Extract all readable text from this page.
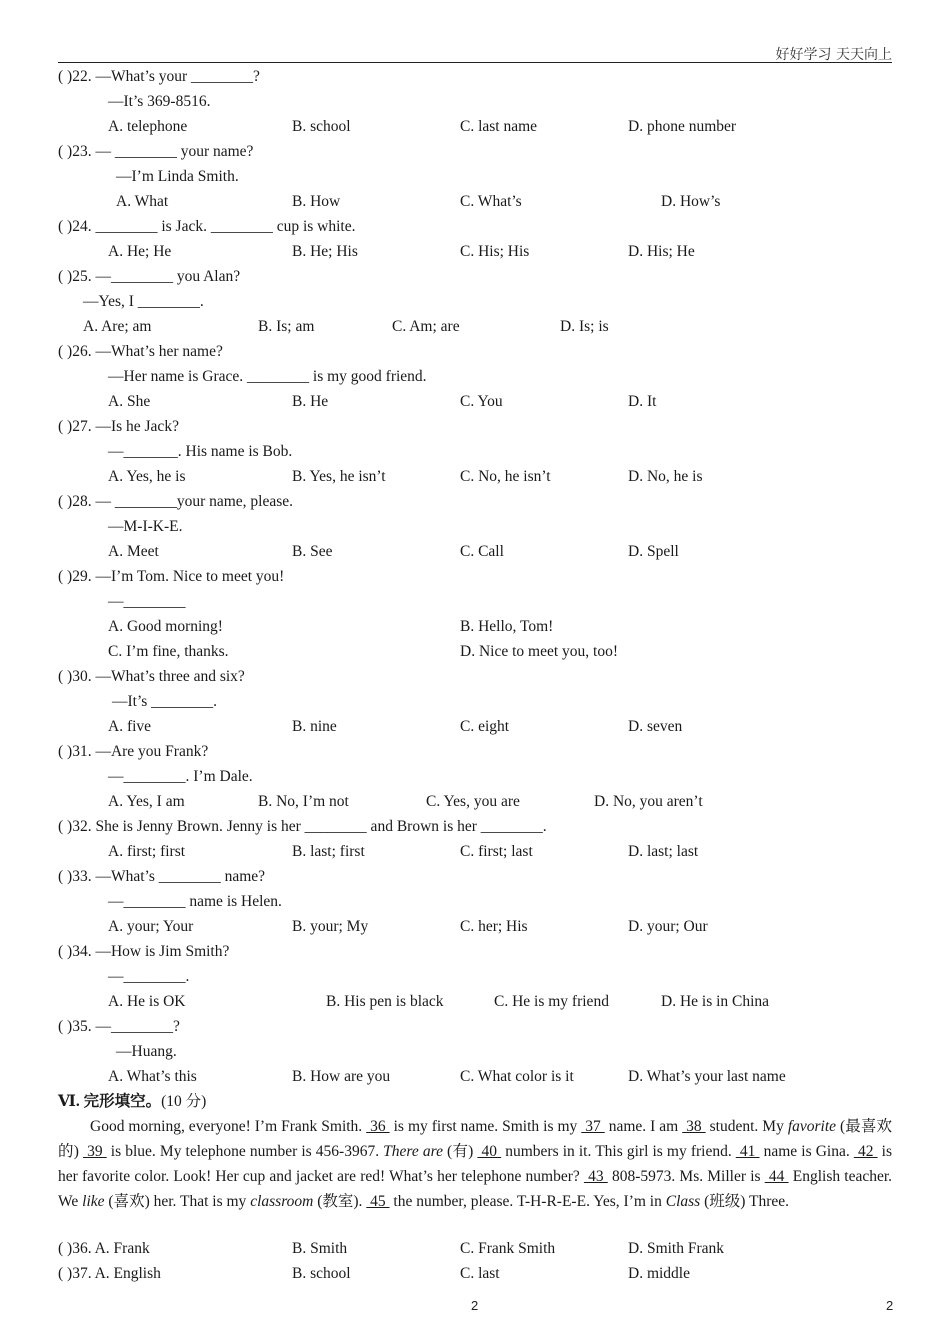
好好学习 天天向上
( )22. —What’s your ________?
—It’s 369-8516.
A. telephone	B. school	C. last name	D. phone number
( )23. — ________ your name?
—I’m Linda Smith.
A. What	B. How	C. What’s	D. How’s
( )24. ________ is Jack. ________ cup is white.
A. He; He	B. He; His	C. His; His	D. His; He
( )25. —________ you Alan?
—Yes, I ________.
A. Are; am	B. Is; am	C. Am; are	D. Is; is
( )26. —What’s her name?
—Her name is Grace. ________ is my good friend.
A. She	B. He	C. You	D. It
( )27. —Is he Jack?
—_______. His name is Bob.
A. Yes, he is	B. Yes, he isn’t	C. No, he isn’t	D. No, he is
( )28. — ________your name, please.
—M-I-K-E.
A. Meet	B. See	C. Call	D. Spell
( )29. —I’m Tom. Nice to meet you!
—________
A. Good morning!	B. Hello, Tom!
C. I’m fine, thanks.	D. Nice to meet you, too!
( )30. —What’s three and six?
—It’s ________.
A. five	B. nine	C. eight	D. seven
( )31. —Are you Frank?
—________. I’m Dale.
A. Yes, I am	B. No, I’m not	C. Yes, you are	D. No, you aren’t
( )32. She is Jenny Brown. Jenny is her ________ and Brown is her ________.
A. first; first	B. last; first	C. first; last	D. last; last
( )33. —What’s ________ name?
—________ name is Helen.
A. your; Your	B. your; My	C. her; His	D. your; Our
( )34. —How is Jim Smith?
—________.
A. He is OK	B. His pen is black	C. He is my friend	D. He is in China
( )35. —________?
—Huang.
A. What’s this	B. How are you	C. What color is it	D. What’s your last name
Ⅵ. 完形填空。(10 分)
Good morning, everyone! I’m Frank Smith.  36  is my first name. Smith is my  37  name. I am  38  student. My favorite (最喜欢的)  39  is blue. My telephone number is 456-3967. There are (有)  40  numbers in it. This girl is my friend.  41  name is Gina.  42  is her favorite color. Look! Her cup and jacket are red! What’s her telephone number?  43  808-5973. Ms. Miller is  44  English teacher. We like (喜欢) her. That is my classroom (教室).  45  the number, please. T-H-R-E-E. Yes, I’m in Class (班级) Three.
( )36. A. Frank	B. Smith	C. Frank Smith	D. Smith Frank
( )37. A. English	B. school	C. last	D. middle
2	2
